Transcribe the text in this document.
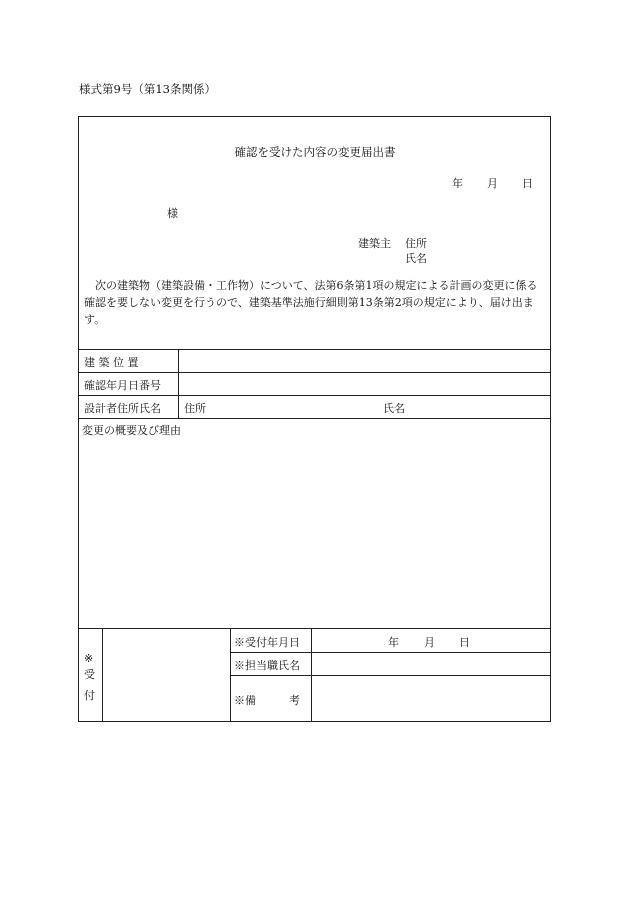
様式第9号（第13条関係）
確認を受けた内容の変更届出書
年 月 日
様
建築主 住所
氏名
次の建築物（建築設備・工作物）について、法第6条第1項の規定による計画の変更に係る確認を要しない変更を行うので、建築基準法施行細則第13条第2項の規定により、届け出ます。
建 築 位 置
確認年月日番号
設計者住所氏名 住所	氏名
変更の概要及び理由
※
受
付
※受付年月日	年 月 日
※担当職氏名
※備　　　考
